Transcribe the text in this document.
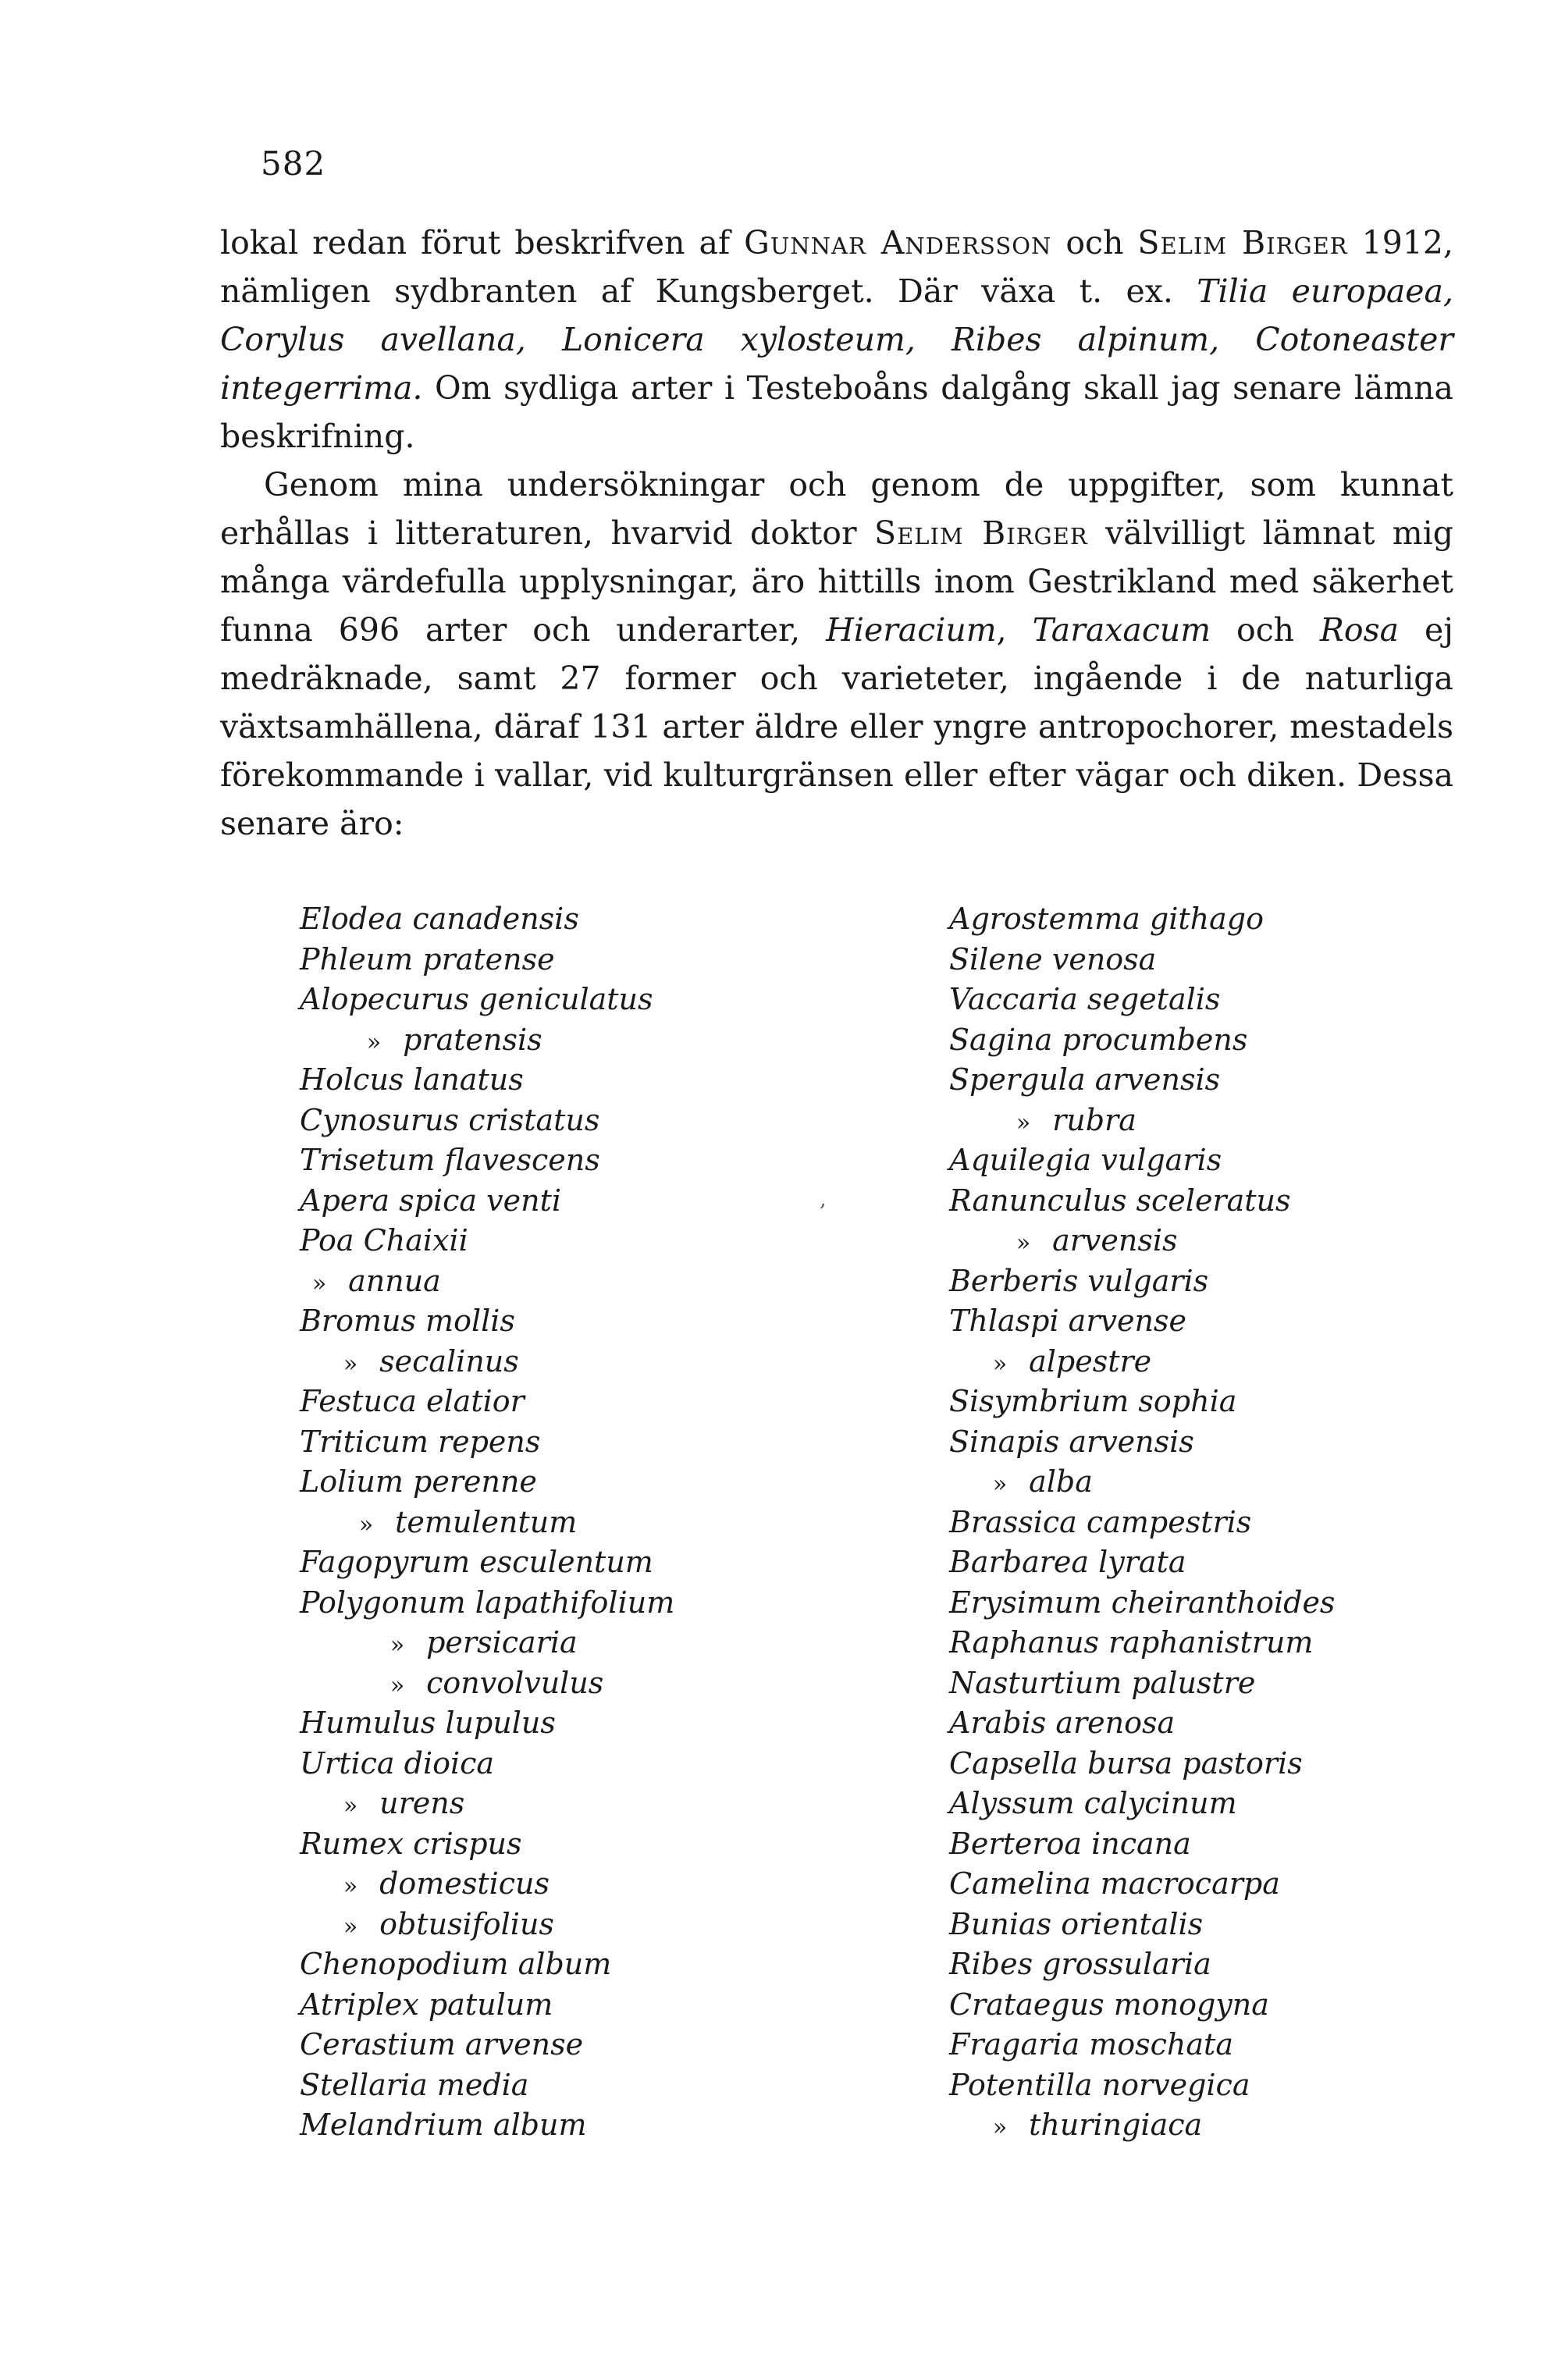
582

lokal redan förut beskrifven af Gunnar Andersson och Selim Birger 1912, nämligen sydbranten af Kungsberget. Där växa t. ex. Tilia europaea, Corylus avellana, Lonicera xylosteum, Ribes alpinum, Cotoneaster integerrima. Om sydliga arter i Testeboåns dalgång skall jag senare lämna beskrifning.

Genom mina undersökningar och genom de uppgifter, som kunnat erhållas i litteraturen, hvarvid doktor Selim Birger välvilligt lämnat mig många värdefulla upplysningar, äro hittills inom Gestrikland med säkerhet funna 696 arter och underarter, Hieracium, Taraxacum och Rosa ej medräknade, samt 27 former och varieteter, ingående i de naturliga växtsamhällena, däraf 131 arter äldre eller yngre antropochorer, mestadels förekommande i vallar, vid kulturgränsen eller efter vägar och diken. Dessa senare äro:

Elodea canadensis
Phleum pratense
Alopecurus geniculatus
» pratensis
Holcus lanatus
Cynosurus cristatus
Trisetum flavescens
Apera spica venti
Poa Chaixii
» annua
Bromus mollis
» secalinus
Festuca elatior
Triticum repens
Lolium perenne
» temulentum
Fagopyrum esculentum
Polygonum lapathifolium
» persicaria
» convolvulus
Humulus lupulus
Urtica dioica
» urens
Rumex crispus
» domesticus
» obtusifolius
Chenopodium album
Atriplex patulum
Cerastium arvense
Stellaria media
Melandrium album
‚
Agrostemma githago
Silene venosa
Vaccaria segetalis
Sagina procumbens
Spergula arvensis
» rubra
Aquilegia vulgaris
Ranunculus sceleratus
» arvensis
Berberis vulgaris
Thlaspi arvense
» alpestre
Sisymbrium sophia
Sinapis arvensis
» alba
Brassica campestris
Barbarea lyrata
Erysimum cheiranthoides
Raphanus raphanistrum
Nasturtium palustre
Arabis arenosa
Capsella bursa pastoris
Alyssum calycinum
Berteroa incana
Camelina macrocarpa
Bunias orientalis
Ribes grossularia
Crataegus monogyna
Fragaria moschata
Potentilla norvegica
» thuringiaca
